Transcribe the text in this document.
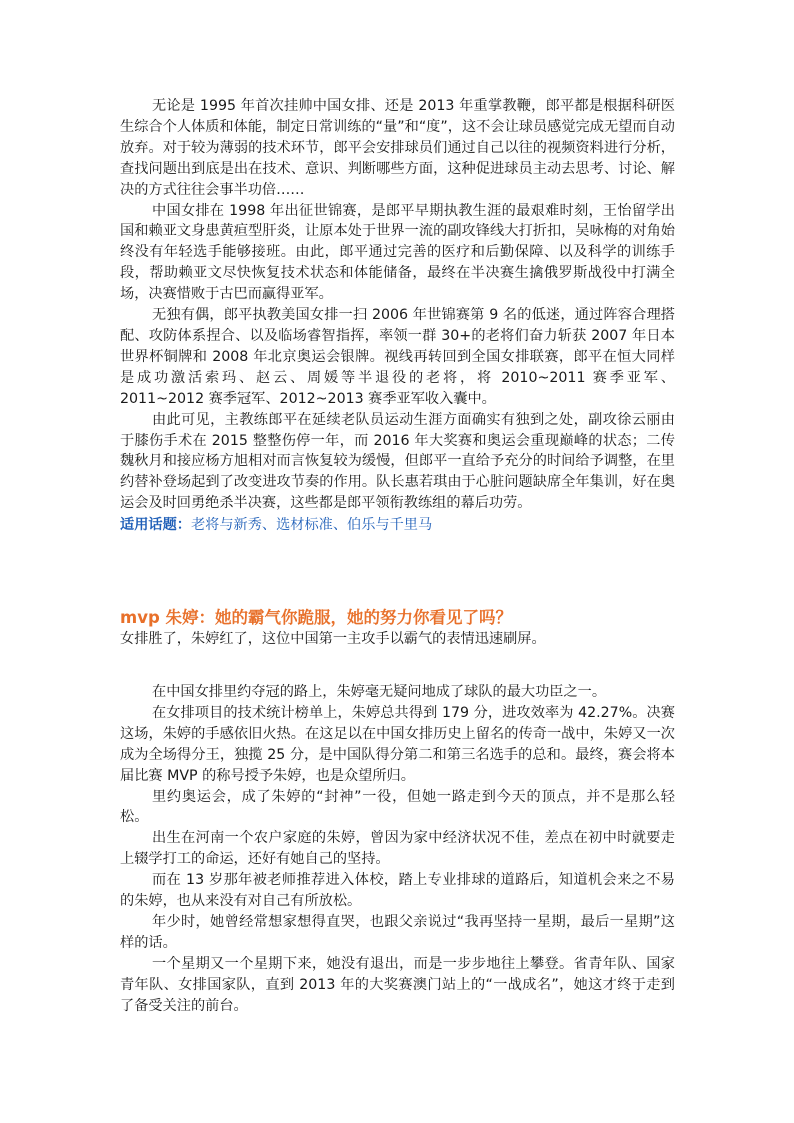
无论是 1995 年首次挂帅中国女排、还是 2013 年重掌教鞭，郎平都是根据科研医生综合个人体质和体能，制定日常训练的“量”和“度”，这不会让球员感觉完成无望而自动放弃。对于较为薄弱的技术环节，郎平会安排球员们通过自己以往的视频资料进行分析，查找问题出到底是出在技术、意识、判断哪些方面，这种促进球员主动去思考、讨论、解决的方式往往会事半功倍……

中国女排在 1998 年出征世锦赛，是郎平早期执教生涯的最艰难时刻，王怡留学出国和赖亚文身患黄疸型肝炎，让原本处于世界一流的副攻锋线大打折扣，吴咏梅的对角始终没有年轻选手能够接班。由此，郎平通过完善的医疗和后勤保障、以及科学的训练手段，帮助赖亚文尽快恢复技术状态和体能储备，最终在半决赛生擒俄罗斯战役中打满全场，决赛惜败于古巴而赢得亚军。

无独有偶，郎平执教美国女排一扫 2006 年世锦赛第 9 名的低迷，通过阵容合理搭配、攻防体系捏合、以及临场睿智指挥，率领一群 30+的老将们奋力斩获 2007 年日本世界杯铜牌和 2008 年北京奥运会银牌。视线再转回到全国女排联赛，郎平在恒大同样是成功激活索玛、赵云、周媛等半退役的老将，将 2010~2011 赛季亚军、2011~2012 赛季冠军、2012~2013 赛季亚军收入囊中。

由此可见，主教练郎平在延续老队员运动生涯方面确实有独到之处，副攻徐云丽由于膝伤手术在 2015 整整伤停一年，而 2016 年大奖赛和奥运会重现巅峰的状态；二传魏秋月和接应杨方旭相对而言恢复较为缓慢，但郎平一直给予充分的时间给予调整，在里约替补登场起到了改变进攻节奏的作用。队长惠若琪由于心脏问题缺席全年集训，好在奥运会及时回勇绝杀半决赛，这些都是郎平领衔教练组的幕后功劳。

适用话题：老将与新秀、选材标准、伯乐与千里马

mvp 朱婷：她的霸气你跪服，她的努力你看见了吗？

女排胜了，朱婷红了，这位中国第一主攻手以霸气的表情迅速刷屏。

在中国女排里约夺冠的路上，朱婷毫无疑问地成了球队的最大功臣之一。

在女排项目的技术统计榜单上，朱婷总共得到 179 分，进攻效率为 42.27%。决赛这场，朱婷的手感依旧火热。在这足以在中国女排历史上留名的传奇一战中，朱婷又一次成为全场得分王，独揽 25 分，是中国队得分第二和第三名选手的总和。最终，赛会将本届比赛 MVP 的称号授予朱婷，也是众望所归。

里约奥运会，成了朱婷的“封神”一役，但她一路走到今天的顶点，并不是那么轻松。

出生在河南一个农户家庭的朱婷，曾因为家中经济状况不佳，差点在初中时就要走上辍学打工的命运，还好有她自己的坚持。

而在 13 岁那年被老师推荐进入体校，踏上专业排球的道路后，知道机会来之不易的朱婷，也从来没有对自己有所放松。

年少时，她曾经常想家想得直哭，也跟父亲说过“我再坚持一星期，最后一星期”这样的话。

一个星期又一个星期下来，她没有退出，而是一步步地往上攀登。省青年队、国家青年队、女排国家队，直到 2013 年的大奖赛澳门站上的“一战成名”，她这才终于走到了备受关注的前台。
